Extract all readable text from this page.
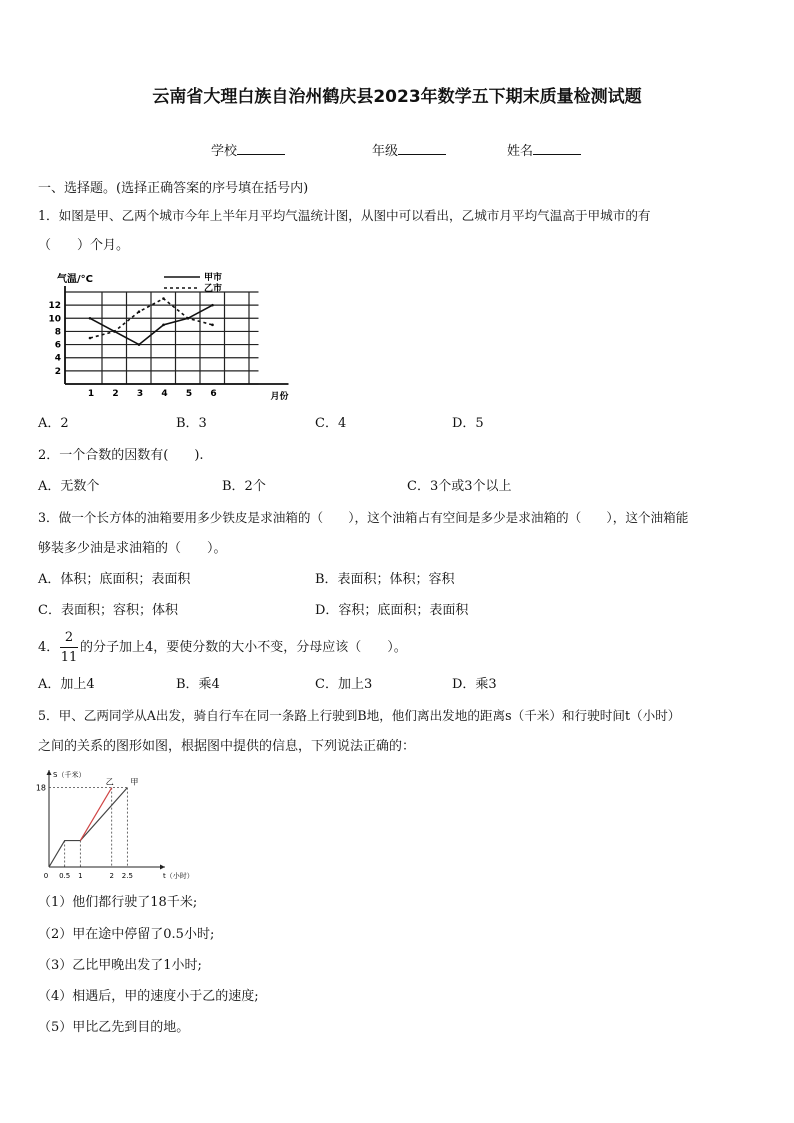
云南省大理白族自治州鹤庆县2023年数学五下期末质量检测试题
学校	年级	姓名
一、选择题。(选择正确答案的序号填在括号内)
1．如图是甲、乙两个城市今年上半年月平均气温统计图，从图中可以看出，乙城市月平均气温高于甲城市的有
（　　）个月。
2
4
6
8
10
12
1 2 3 4 5 6	月份
气温/°C	甲市
乙市
A．2	B．3	C．4	D．5
2．一个合数的因数有(　　).
A．无数个	B．2个	C．3个或3个以上
3．做一个长方体的油箱要用多少铁皮是求油箱的（　　），这个油箱占有空间是多少是求油箱的（　　），这个油箱能
够装多少油是求油箱的（　　）。
A．体积；底面积；表面积	B．表面积；体积；容积
C．表面积；容积；体积	D．容积；底面积；表面积
4．
2
11
的分子加上4，要使分数的大小不变，分母应该（　　）。
A．加上4	B．乘4	C．加上3	D．乘3
5．甲、乙两同学从A出发，骑自行车在同一条路上行驶到B地，他们离出发地的距离s（千米）和行驶时间t（小时）
之间的关系的图形如图，根据图中提供的信息，下列说法正确的：
S（千米）
t（小时）
0
18
0.5 1	2 2.5
甲
乙
（1）他们都行驶了18千米;
（2）甲在途中停留了0.5小时;
（3）乙比甲晚出发了1小时;
（4）相遇后，甲的速度小于乙的速度;
（5）甲比乙先到目的地。
